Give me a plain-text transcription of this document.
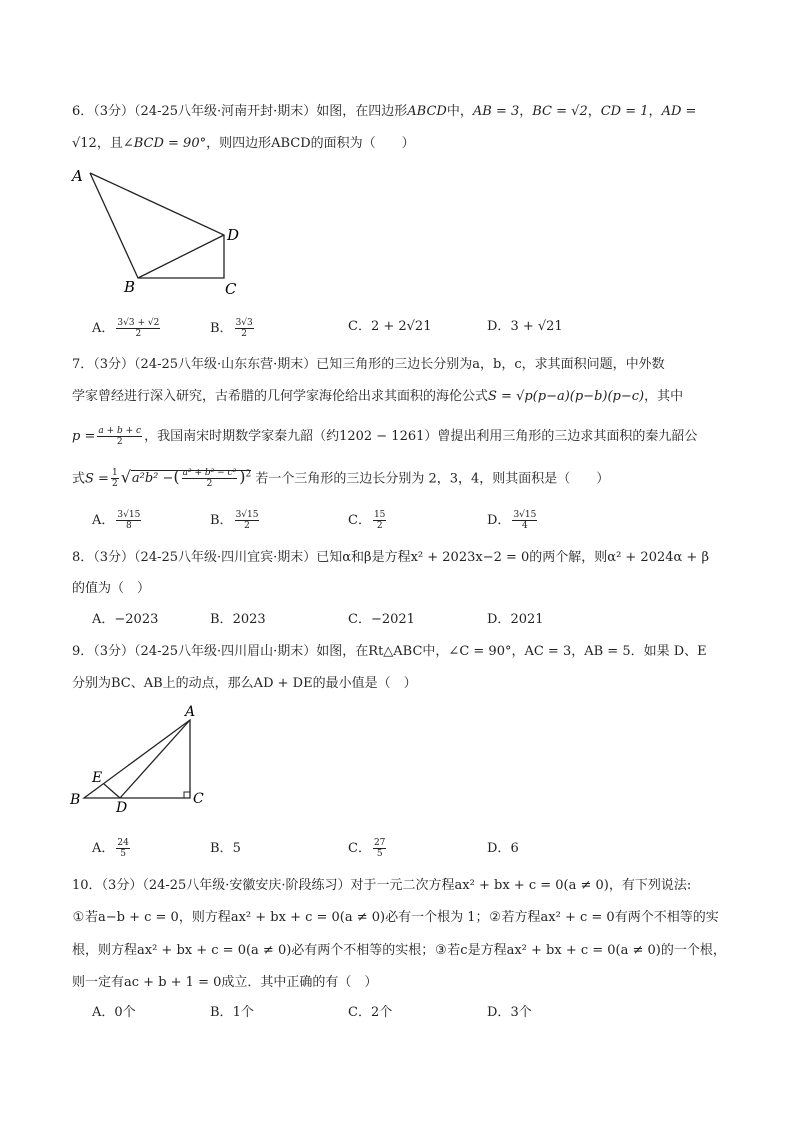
6．（3分）（24-25八年级·河南开封·期末）如图，在四边形ABCD中，AB = 3，BC = √2，CD = 1，AD =
√12，且∠BCD = 90°，则四边形ABCD的面积为（　　）
A
B	C
D
A． $\frac{3√3 + √2}{2}$	B． $\frac{3√3}{2}$	C．2 + 2√21	D．3 + √21
7．（3分）（24-25八年级·山东东营·期末）已知三角形的三边长分别为a，b，c，求其面积问题，中外数
学家曾经进行深入研究，古希腊的几何学家海伦给出求其面积的海伦公式S = √p(p−a)(p−b)(p−c)，其中
$p = \frac{a + b + c}{2}$ ，我国南宋时期数学家秦九韶（约1202 − 1261）曾提出利用三角形的三边求其面积的秦九韶公
式$S = \frac{1}{2} √a^2b^2$ −( $\frac{\text{a² + b² − c²}}{2} )^2$ 若一个三角形的三边长分别为 2，3，4，则其面积是（　　）
A． $\frac{3√15}{8}$	B． $\frac{3√15}{2}$	C． $\frac{15}{2}$	D． $\frac{3√15}{4}$
8．（3分）（24-25八年级·四川宜宾·期末）已知α和β是方程x² + 2023x−2 = 0的两个解，则α² + 2024α + β
的值为（　）
A．−2023	B．2023	C．−2021	D．2021
9．（3分）（24-25八年级·四川眉山·期末）如图，在Rt△ABC中，∠C = 90°，AC = 3，AB = 5．如果 D、E
分别为BC、AB上的动点，那么AD + DE的最小值是（　）
A
B	C
D
E
A． $\frac{24}{5}$	B．5	C． $\frac{27}{5}$	D．6
10．（3分）（24-25八年级·安徽安庆·阶段练习）对于一元二次方程ax² + bx + c = 0(a ≠ 0)，有下列说法:
①若a−b + c = 0，则方程ax² + bx + c = 0(a ≠ 0)必有一个根为 1；②若方程ax² + c = 0有两个不相等的实
根，则方程ax² + bx + c = 0(a ≠ 0)必有两个不相等的实根；③若c是方程ax² + bx + c = 0(a ≠ 0)的一个根，
则一定有ac + b + 1 = 0成立．其中正确的有（　）
A．0个	B．1个	C．2个	D．3个
